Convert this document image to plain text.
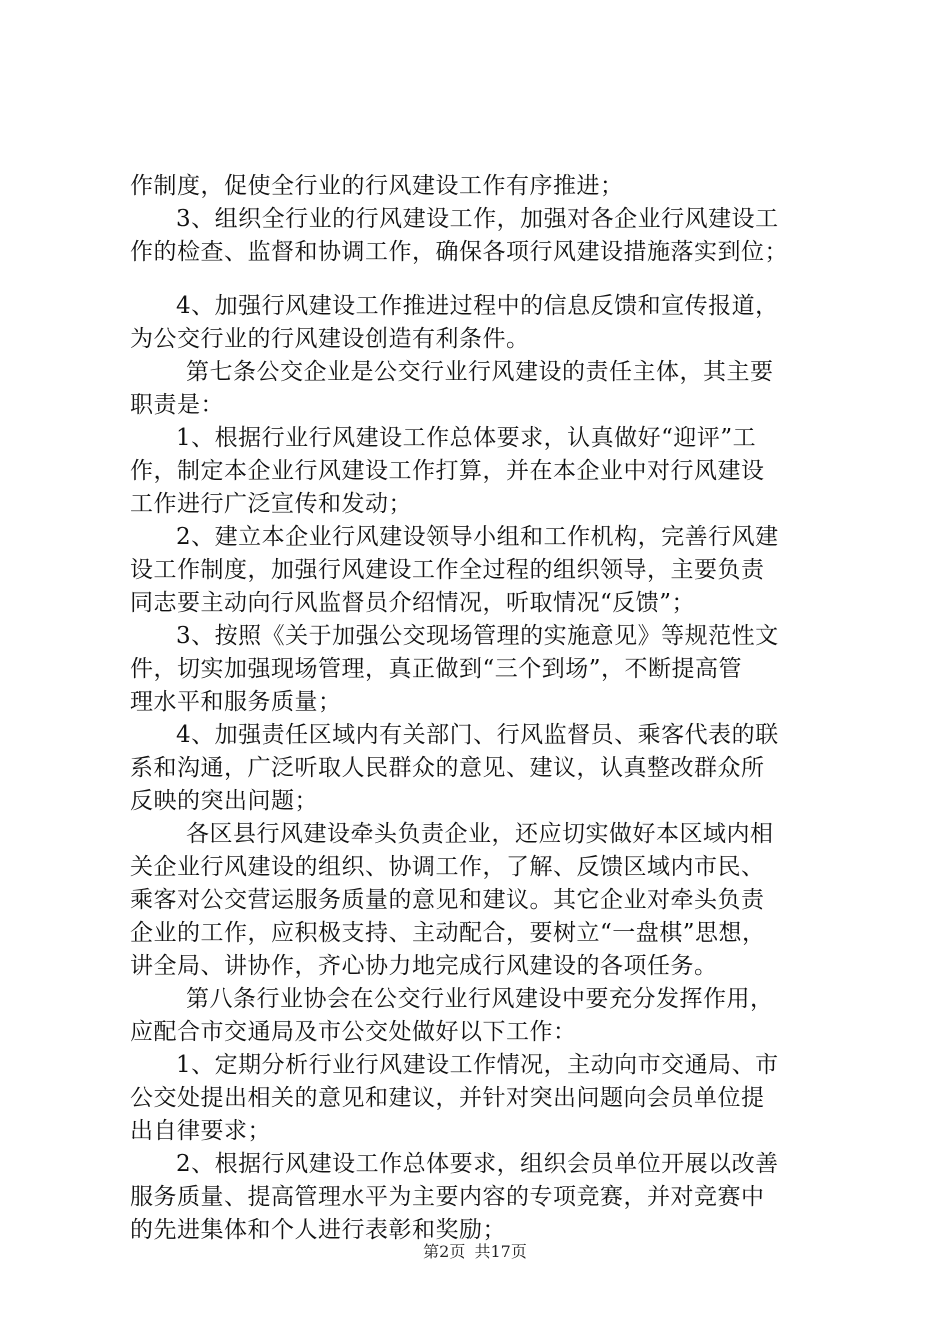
作制度，促使全行业的行风建设工作有序推进；
3、组织全行业的行风建设工作，加强对各企业行风建设工
作的检查、监督和协调工作，确保各项行风建设措施落实到位；
4、加强行风建设工作推进过程中的信息反馈和宣传报道，
为公交行业的行风建设创造有利条件。
第七条公交企业是公交行业行风建设的责任主体，其主要
职责是：
1、根据行业行风建设工作总体要求，认真做好“迎评”工
作，制定本企业行风建设工作打算，并在本企业中对行风建设
工作进行广泛宣传和发动；
2、建立本企业行风建设领导小组和工作机构，完善行风建
设工作制度，加强行风建设工作全过程的组织领导，主要负责
同志要主动向行风监督员介绍情况，听取情况“反馈”；
3、按照《关于加强公交现场管理的实施意见》等规范性文
件，切实加强现场管理，真正做到“三个到场”，不断提高管
理水平和服务质量；
4、加强责任区域内有关部门、行风监督员、乘客代表的联
系和沟通，广泛听取人民群众的意见、建议，认真整改群众所
反映的突出问题；
各区县行风建设牵头负责企业，还应切实做好本区域内相
关企业行风建设的组织、协调工作，了解、反馈区域内市民、
乘客对公交营运服务质量的意见和建议。其它企业对牵头负责
企业的工作，应积极支持、主动配合，要树立“一盘棋”思想，
讲全局、讲协作，齐心协力地完成行风建设的各项任务。
第八条行业协会在公交行业行风建设中要充分发挥作用，
应配合市交通局及市公交处做好以下工作：
1、定期分析行业行风建设工作情况，主动向市交通局、市
公交处提出相关的意见和建议，并针对突出问题向会员单位提
出自律要求；
2、根据行风建设工作总体要求，组织会员单位开展以改善
服务质量、提高管理水平为主要内容的专项竞赛，并对竞赛中
的先进集体和个人进行表彰和奖励；
第2页 共17页
